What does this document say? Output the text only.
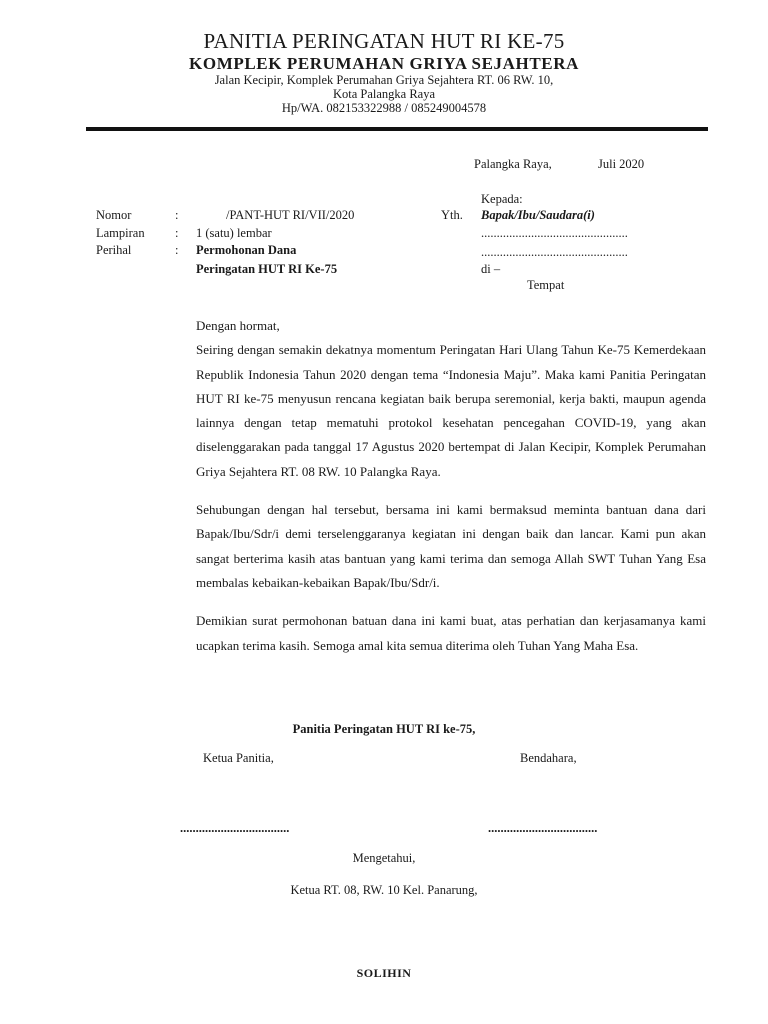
PANITIA PERINGATAN HUT RI KE-75
KOMPLEK PERUMAHAN GRIYA SEJAHTERA
Jalan Kecipir, Komplek Perumahan Griya Sejahtera RT. 06 RW. 10,
Kota Palangka Raya
Hp/WA. 082153322988 / 085249004578
Palangka Raya,	Juli 2020
Kepada:
Yth. Bapak/Ibu/Saudara(i)
...............................................
...............................................
di –
Tempat
Nomor	:	/PANT-HUT RI/VII/2020
Lampiran : 1 (satu) lembar
Perihal	: Permohonan Dana
Peringatan HUT RI Ke-75

Dengan hormat,

Seiring dengan semakin dekatnya momentum Peringatan Hari Ulang Tahun Ke-75 Kemerdekaan Republik Indonesia Tahun 2020 dengan tema “Indonesia Maju”. Maka kami Panitia Peringatan HUT RI ke-75 menyusun rencana kegiatan baik berupa seremonial, kerja bakti, maupun agenda lainnya dengan tetap mematuhi protokol kesehatan pencegahan COVID-19, yang akan diselenggarakan pada tanggal 17 Agustus 2020 bertempat di Jalan Kecipir, Komplek Perumahan Griya Sejahtera RT. 08 RW. 10 Palangka Raya.

Sehubungan dengan hal tersebut, bersama ini kami bermaksud meminta bantuan dana dari Bapak/Ibu/Sdr/i demi terselenggaranya kegiatan ini dengan baik dan lancar. Kami pun akan sangat berterima kasih atas bantuan yang kami terima dan semoga Allah SWT Tuhan Yang Esa membalas kebaikan-kebaikan Bapak/Ibu/Sdr/i.

Demikian surat permohonan batuan dana ini kami buat, atas perhatian dan kerjasamanya kami ucapkan terima kasih. Semoga amal kita semua diterima oleh Tuhan Yang Maha Esa.

Panitia Peringatan HUT RI ke-75,
Ketua Panitia,	Bendahara,
...................................	...................................
Mengetahui,
Ketua RT. 08, RW. 10 Kel. Panarung,
SOLIHIN
